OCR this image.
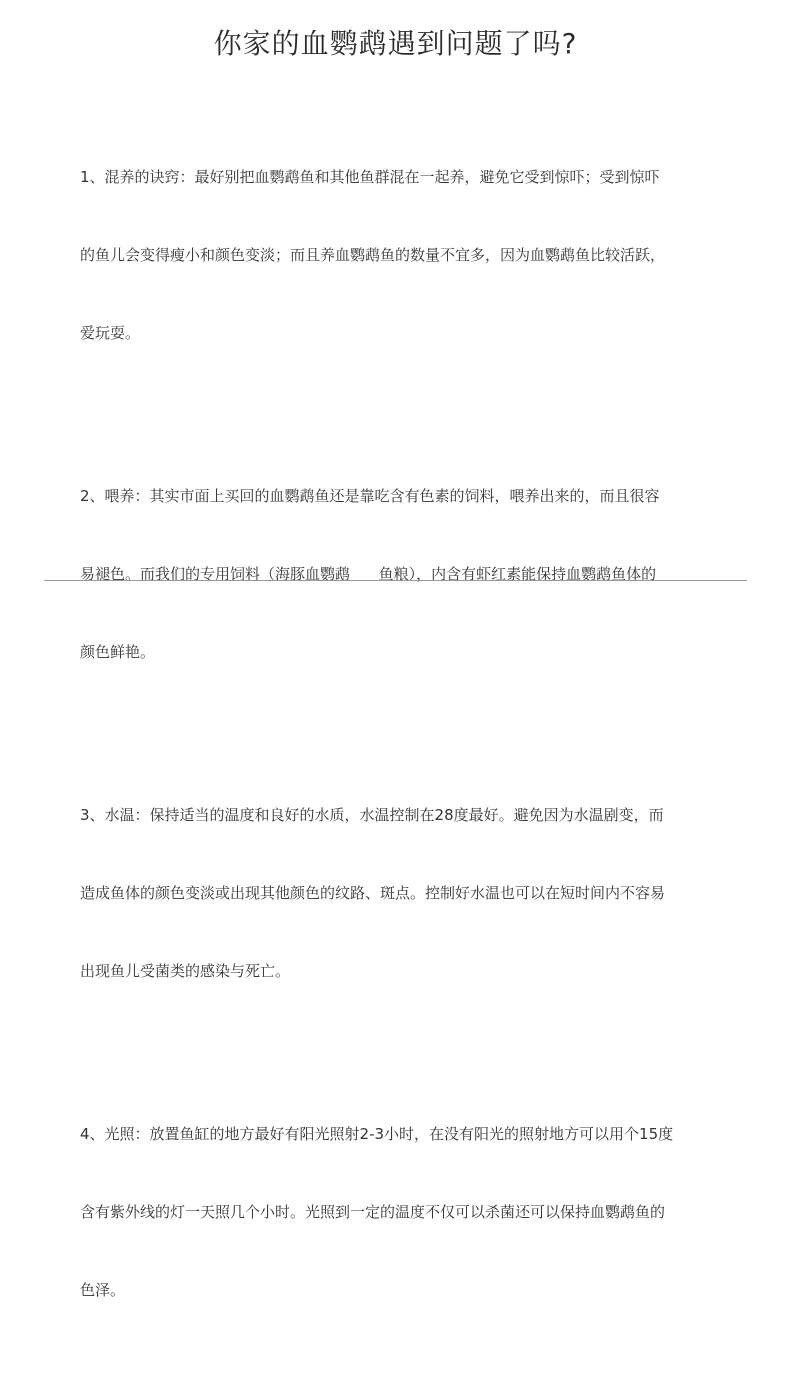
你家的血鹦鹉遇到问题了吗?

1、混养的诀窍：最好别把血鹦鹉鱼和其他鱼群混在一起养，避免它受到惊吓；受到惊吓

的鱼儿会变得瘦小和颜色变淡；而且养血鹦鹉鱼的数量不宜多，因为血鹦鹉鱼比较活跃，

爱玩耍。

2、喂养：其实市面上买回的血鹦鹉鱼还是靠吃含有色素的饲料，喂养出来的，而且很容

易褪色。而我们的专用饲料（海豚血鹦鹉      鱼粮），内含有虾红素能保持血鹦鹉鱼体的

颜色鲜艳。

3、水温：保持适当的温度和良好的水质，水温控制在28度最好。避免因为水温剧变，而

造成鱼体的颜色变淡或出现其他颜色的纹路、斑点。控制好水温也可以在短时间内不容易

出现鱼儿受菌类的感染与死亡。

4、光照：放置鱼缸的地方最好有阳光照射2-3小时，在没有阳光的照射地方可以用个15度

含有紫外线的灯一天照几个小时。光照到一定的温度不仅可以杀菌还可以保持血鹦鹉鱼的

色泽。
